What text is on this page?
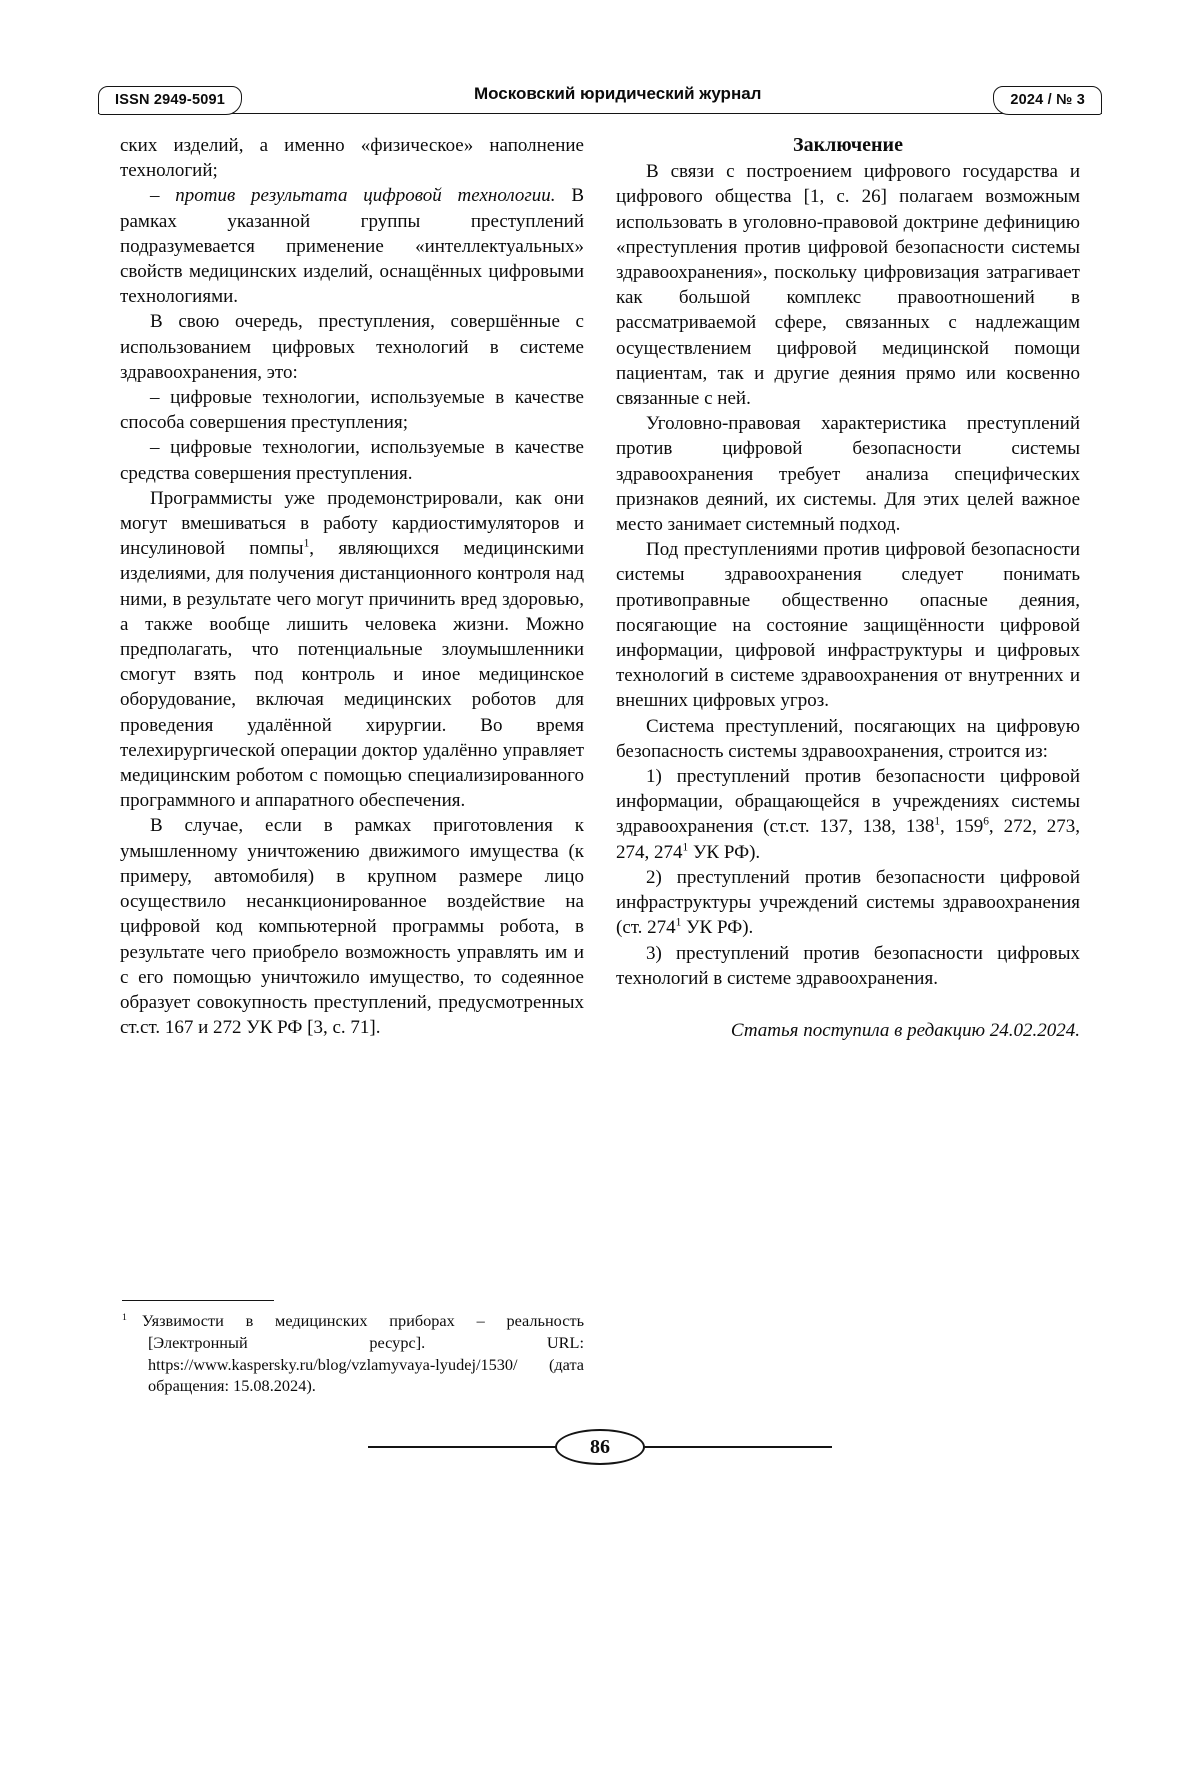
ISSN 2949-5091	Московский юридический журнал	2024 / № 3

ских изделий, а именно «физическое» наполнение технологий;

– против результата цифровой технологии. В рамках указанной группы преступлений подразумевается применение «интеллектуальных» свойств медицинских изделий, оснащённых цифровыми технологиями.

В свою очередь, преступления, совершённые с использованием цифровых технологий в системе здравоохранения, это:

– цифровые технологии, используемые в качестве способа совершения преступления;

– цифровые технологии, используемые в качестве средства совершения преступления.

Программисты уже продемонстрировали, как они могут вмешиваться в работу кардиостимуляторов и инсулиновой помпы$^1$, являющихся медицинскими изделиями, для получения дистанционного контроля над ними, в результате чего могут причинить вред здоровью, а также вообще лишить человека жизни. Можно предполагать, что потенциальные злоумышленники смогут взять под контроль и иное медицинское оборудование, включая медицинских роботов для проведения удалённой хирургии. Во время телехирургической операции доктор удалённо управляет медицинским роботом с помощью специализированного программного и аппаратного обеспечения.

В случае, если в рамках приготовления к умышленному уничтожению движимого имущества (к примеру, автомобиля) в крупном размере лицо осуществило несанкционированное воздействие на цифровой код компьютерной программы робота, в результате чего приобрело возможность управлять им и с его помощью уничтожило имущество, то содеянное образует совокупность преступлений, предусмотренных ст.ст. 167 и 272 УК РФ [3, с. 71].

Заключение

В связи с построением цифрового государства и цифрового общества [1, с. 26] полагаем возможным использовать в уголовно-правовой доктрине дефиницию «преступления против цифровой безопасности системы здравоохранения», поскольку цифровизация затрагивает как большой комплекс правоотношений в рассматриваемой сфере, связанных с надлежащим осуществлением цифровой медицинской помощи пациентам, так и другие деяния прямо или косвенно связанные с ней.

Уголовно-правовая характеристика преступлений против цифровой безопасности системы здравоохранения требует анализа специфических признаков деяний, их системы. Для этих целей важное место занимает системный подход.

Под преступлениями против цифровой безопасности системы здравоохранения следует понимать противоправные общественно опасные деяния, посягающие на состояние защищённости цифровой информации, цифровой инфраструктуры и цифровых технологий в системе здравоохранения от внутренних и внешних цифровых угроз.

Система преступлений, посягающих на цифровую безопасность системы здравоохранения, строится из:

1) преступлений против безопасности цифровой информации, обращающейся в учреждениях системы здравоохранения (ст.ст. 137, 138, $138^1$, $159^6$, 272, 273, 274, $274^1$ УК РФ).

2) преступлений против безопасности цифровой инфраструктуры учреждений системы здравоохранения (ст. $274^1$ УК РФ).

3) преступлений против безопасности цифровых технологий в системе здравоохранения.

Статья поступила в редакцию 24.02.2024.

$^1$ Уязвимости в медицинских приборах – реальность [Электронный ресурс]. URL: https://www.kaspersky.ru/blog/vzlamyvaya-lyudej/1530/ (дата обращения: 15.08.2024).
86
